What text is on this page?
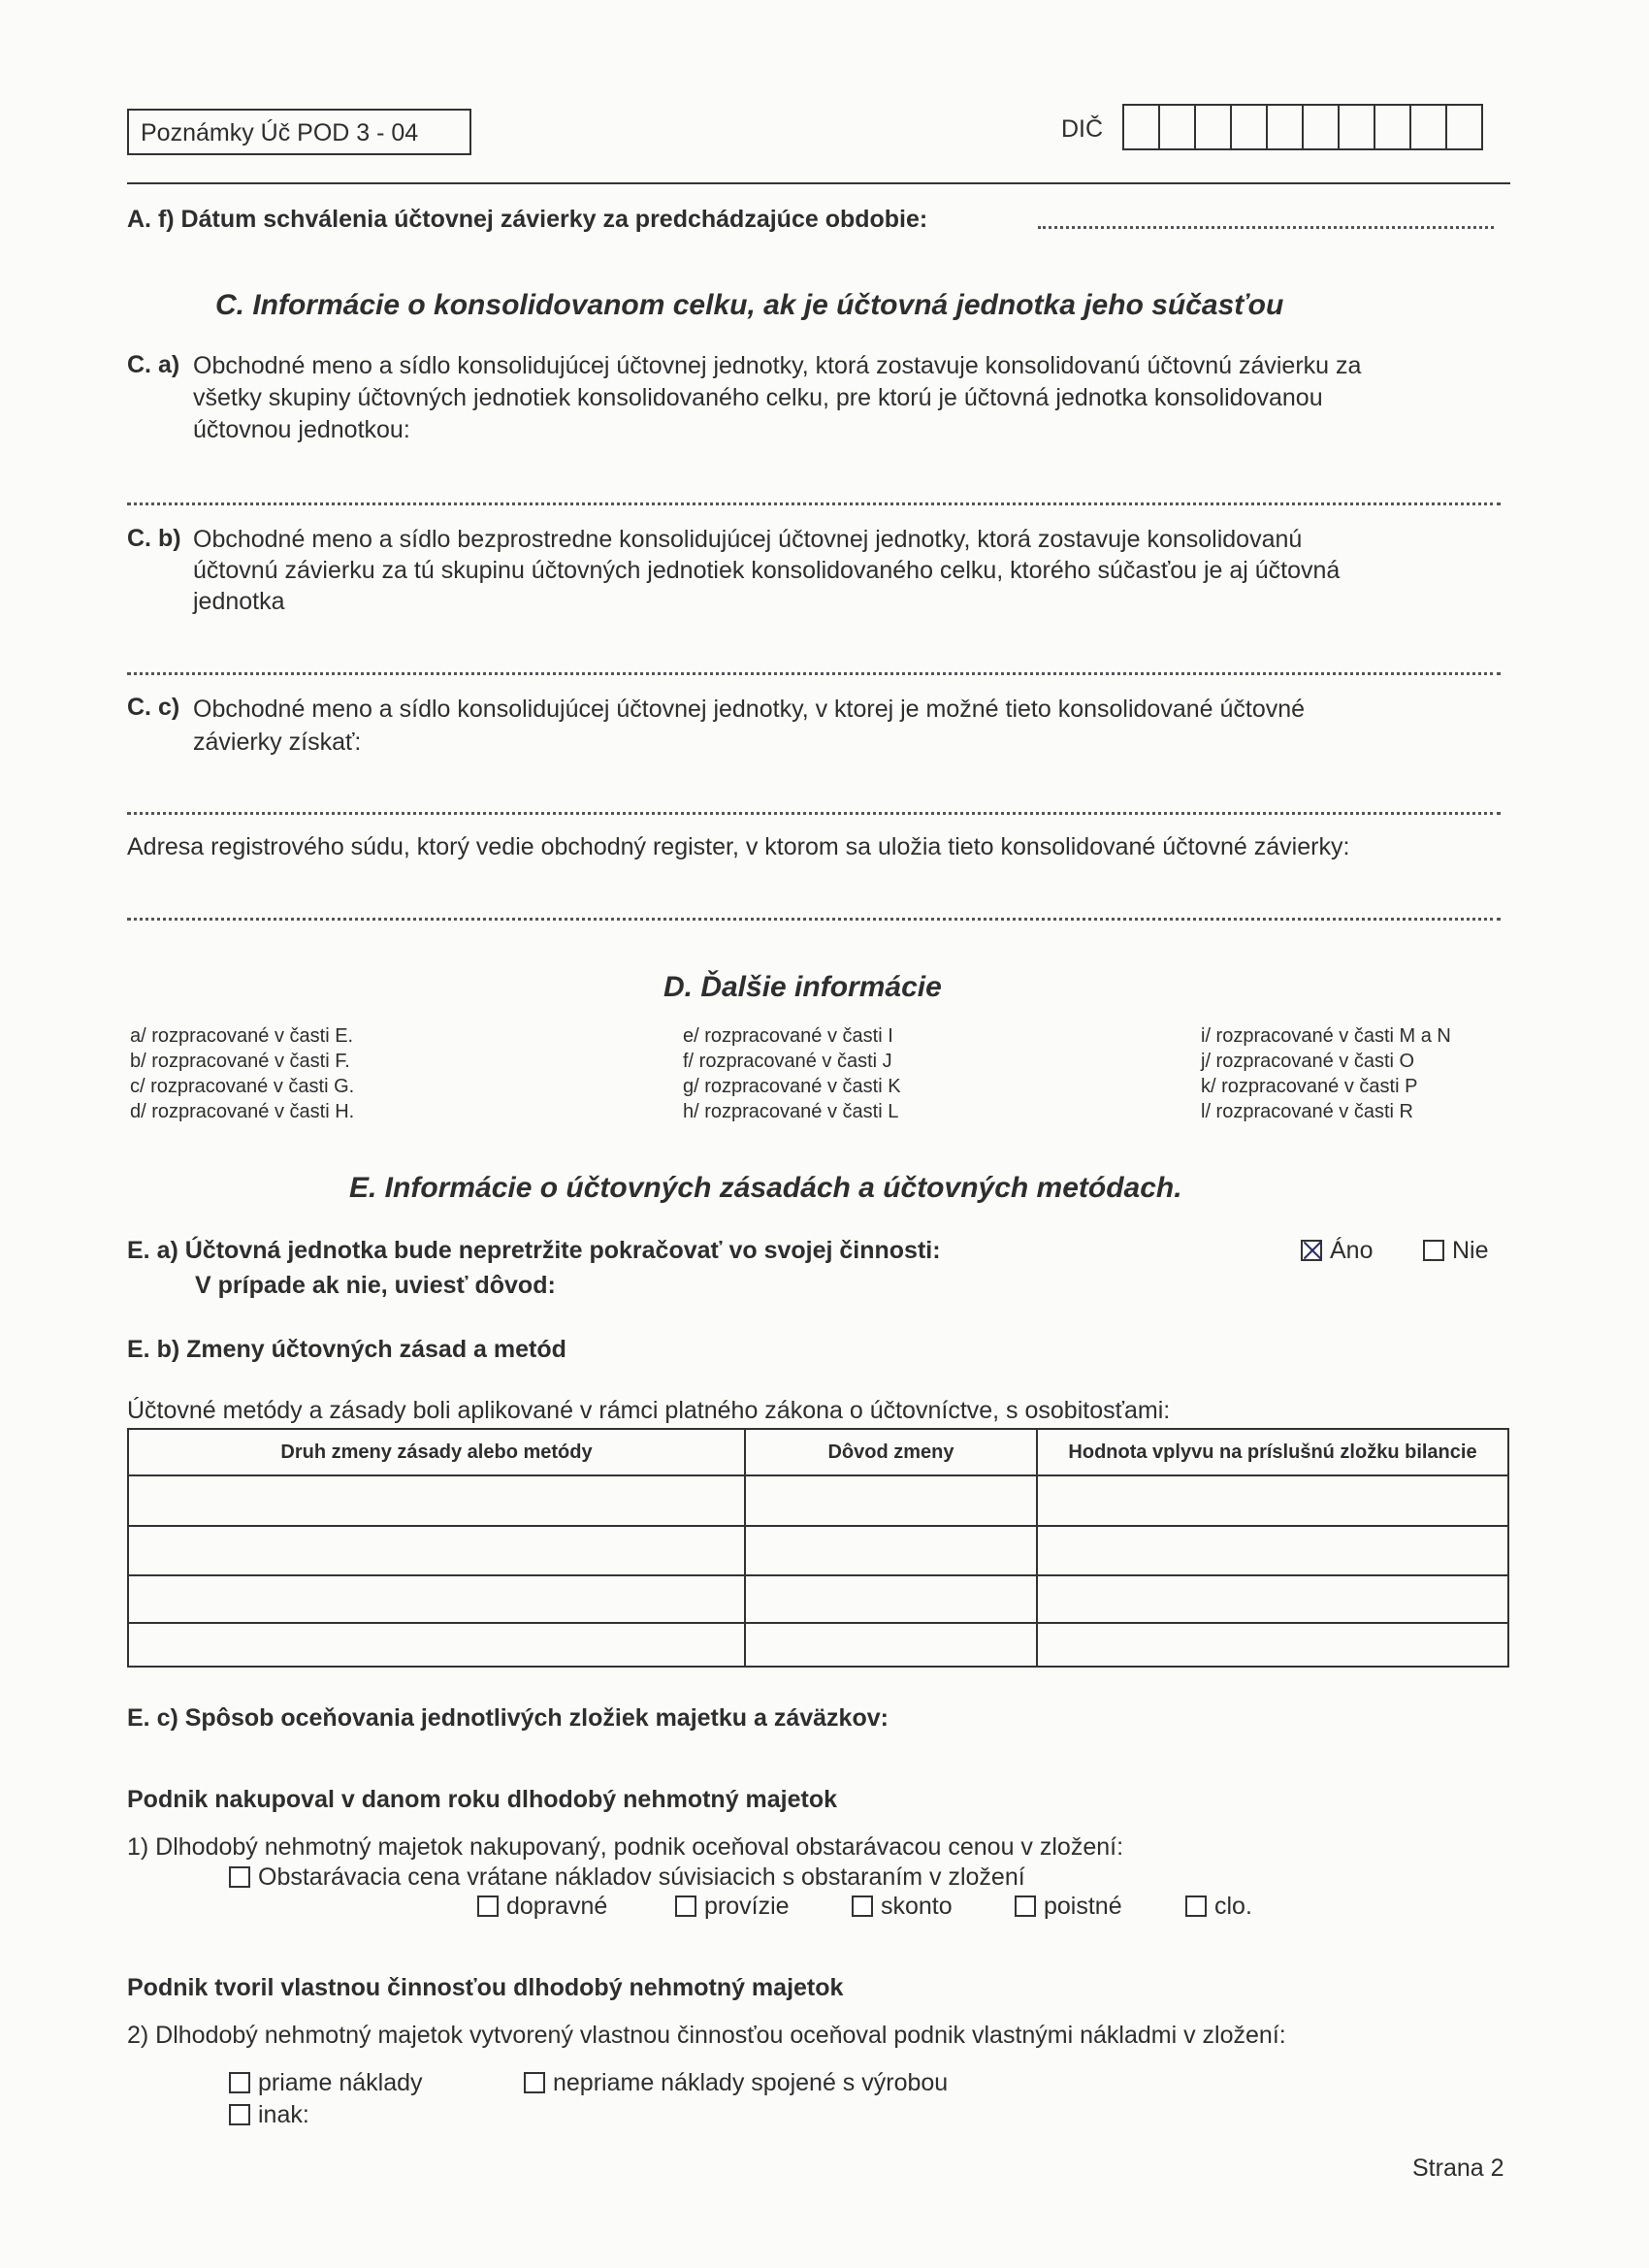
Poznámky Úč POD 3 - 04	DIČ
A. f) Dátum schválenia účtovnej závierky za predchádzajúce obdobie:
C. Informácie o konsolidovanom celku, ak je účtovná jednotka jeho súčasťou
C. a) Obchodné meno a sídlo konsolidujúcej účtovnej jednotky, ktorá zostavuje konsolidovanú účtovnú závierku za
všetky skupiny účtovných jednotiek konsolidovaného celku, pre ktorú je účtovná jednotka konsolidovanou
účtovnou jednotkou:
C. b) Obchodné meno a sídlo bezprostredne konsolidujúcej účtovnej jednotky, ktorá zostavuje konsolidovanú
účtovnú závierku za tú skupinu účtovných jednotiek konsolidovaného celku, ktorého súčasťou je aj účtovná
jednotka
C. c) Obchodné meno a sídlo konsolidujúcej účtovnej jednotky, v ktorej je možné tieto konsolidované účtovné
závierky získať:
Adresa registrového súdu, ktorý vedie obchodný register, v ktorom sa uložia tieto konsolidované účtovné závierky:
D. Ďalšie informácie
a/ rozpracované v časti E.
b/ rozpracované v časti F.
c/ rozpracované v časti G.
d/ rozpracované v časti H.
e/ rozpracované v časti I
f/ rozpracované v časti J
g/ rozpracované v časti K
h/ rozpracované v časti L
i/ rozpracované v časti M a N
j/ rozpracované v časti O
k/ rozpracované v časti P
l/ rozpracované v časti R
E. Informácie o účtovných zásadách a účtovných metódach.
E. a) Účtovná jednotka bude nepretržite pokračovať vo svojej činnosti:
V prípade ak nie, uviesť dôvod:
Áno	Nie
E. b) Zmeny účtovných zásad a metód
Účtovné metódy a zásady boli aplikované v rámci platného zákona o účtovníctve, s osobitosťami:
Druh zmeny zásady alebo metódy	Dôvod zmeny	Hodnota vplyvu na príslušnú zložku bilancie

E. c) Spôsob oceňovania jednotlivých zložiek majetku a záväzkov:
Podnik nakupoval v danom roku dlhodobý nehmotný majetok
1) Dlhodobý nehmotný majetok nakupovaný, podnik oceňoval obstarávacou cenou v zložení:
Obstarávacia cena vrátane nákladov súvisiacich s obstaraním v zložení
dopravné	provízie	skonto	poistné	clo.
Podnik tvoril vlastnou činnosťou dlhodobý nehmotný majetok
2) Dlhodobý nehmotný majetok vytvorený vlastnou činnosťou oceňoval podnik vlastnými nákladmi v zložení:
priame náklady	nepriame náklady spojené s výrobou
inak:
Strana 2
